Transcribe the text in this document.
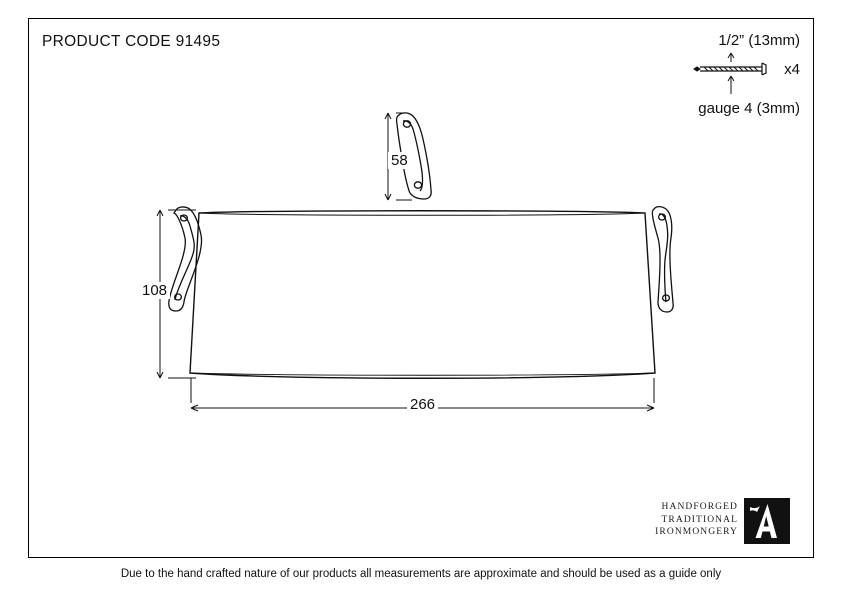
PRODUCT CODE 91495	1/2” (13mm)
x4
gauge 4 (3mm)
58
108
266
HANDFORGED
TRADITIONAL
IRONMONGERY
Due to the hand crafted nature of our products all measurements are approximate and should be used as a guide only
